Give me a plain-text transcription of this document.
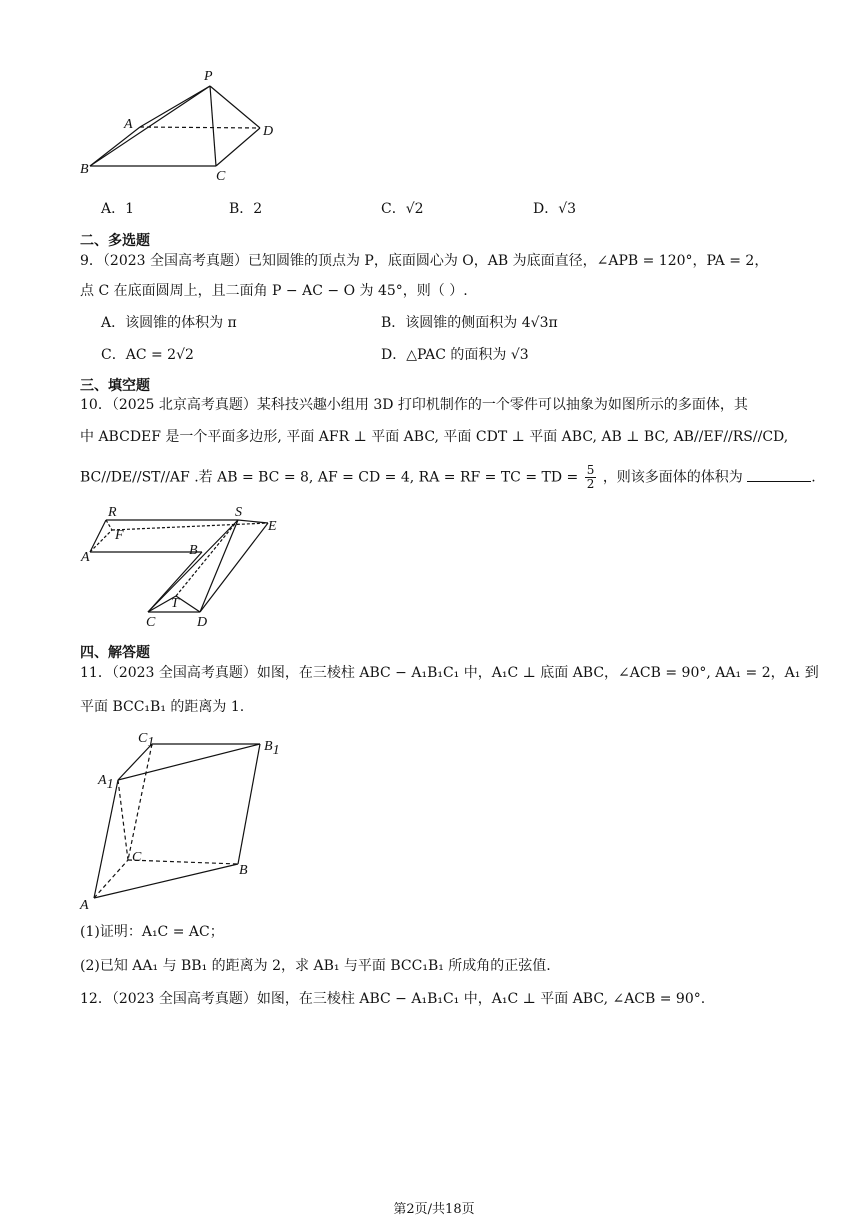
P
A
B	C
D
A．1	B．2	C．√2	D．√3
二、多选题
9．（2023 全国高考真题）已知圆锥的顶点为 P，底面圆心为 O，AB 为底面直径，∠APB = 120°，PA = 2，
点 C 在底面圆周上，且二面角 P − AC − O 为 45°，则（ ）.
A．该圆锥的体积为 π	B．该圆锥的侧面积为 4√3π
C．AC = 2√2	D．△PAC 的面积为 √3
三、填空题
10．（2025 北京高考真题）某科技兴趣小组用 3D 打印机制作的一个零件可以抽象为如图所示的多面体，其
中 ABCDEF 是一个平面多边形, 平面 AFR ⊥ 平面 ABC, 平面 CDT ⊥ 平面 ABC, AB ⊥ BC, AB//EF//RS//CD,
BC//DE//ST//AF .若 AB = BC = 8, AF = CD = 4, RA = RF = TC = TD = $\frac{5}{2}$ ，则该多面体的体积为	.
R	S
E
F
A	B
T
C	D
四、解答题
11．（2023 全国高考真题）如图，在三棱柱 ABC − A₁B₁C₁ 中，A₁C ⊥ 底面 ABC，∠ACB = 90°, AA₁ = 2，A₁ 到
平面 BCC₁B₁ 的距离为 1.
C1	B1
A1
C
B
A
(1)证明：A₁C = AC；
(2)已知 AA₁ 与 BB₁ 的距离为 2，求 AB₁ 与平面 BCC₁B₁ 所成角的正弦值.
12．（2023 全国高考真题）如图，在三棱柱 ABC − A₁B₁C₁ 中，A₁C ⊥ 平面 ABC, ∠ACB = 90°.
第2页/共18页
